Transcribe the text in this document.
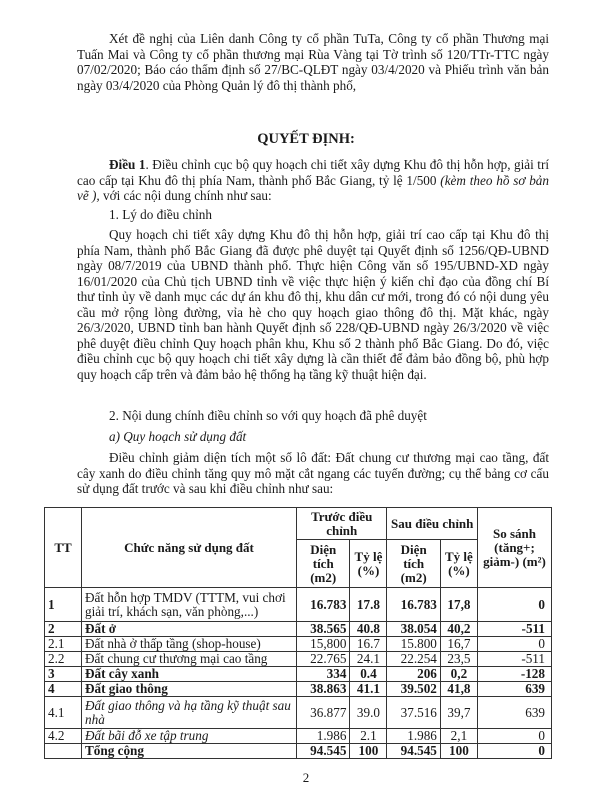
Xét đề nghị của Liên danh Công ty cổ phần TuTa, Công ty cổ phần Thương mại Tuấn Mai và Công ty cổ phần thương mại Rùa Vàng tại Tờ trình số 120/TTr-TTC ngày 07/02/2020; Báo cáo thẩm định số 27/BC-QLĐT ngày 03/4/2020 và Phiếu trình văn bản ngày 03/4/2020 của Phòng Quản lý đô thị thành phố,

QUYẾT ĐỊNH:

Điều 1. Điều chỉnh cục bộ quy hoạch chi tiết xây dựng Khu đô thị hỗn hợp, giải trí cao cấp tại Khu đô thị phía Nam, thành phố Bắc Giang, tỷ lệ 1/500 (kèm theo hồ sơ bản vẽ ), với các nội dung chính như sau:

1. Lý do điều chỉnh

Quy hoạch chi tiết xây dựng Khu đô thị hỗn hợp, giải trí cao cấp tại Khu đô thị phía Nam, thành phố Bắc Giang đã được phê duyệt tại Quyết định số 1256/QĐ-UBND ngày 08/7/2019 của UBND thành phố. Thực hiện Công văn số 195/UBND-XD ngày 16/01/2020 của Chủ tịch UBND tỉnh về việc thực hiện ý kiến chỉ đạo của đồng chí Bí thư tỉnh ủy về danh mục các dự án khu đô thị, khu dân cư mới, trong đó có nội dung yêu cầu mở rộng lòng đường, vỉa hè cho quy hoạch giao thông đô thị. Mặt khác, ngày 26/3/2020, UBND tỉnh ban hành Quyết định số 228/QĐ-UBND ngày 26/3/2020 về việc phê duyệt điều chỉnh Quy hoạch phân khu, Khu số 2 thành phố Bắc Giang. Do đó, việc điều chỉnh cục bộ quy hoạch chi tiết xây dựng là cần thiết để đảm bảo đồng bộ, phù hợp quy hoạch cấp trên và đảm bảo hệ thống hạ tầng kỹ thuật hiện đại.

2. Nội dung chính điều chỉnh so với quy hoạch đã phê duyệt

a) Quy hoạch sử dụng đất

Điều chỉnh giảm diện tích một số lô đất: Đất chung cư thương mại cao tầng, đất cây xanh do điều chỉnh tăng quy mô mặt cắt ngang các tuyến đường; cụ thể bảng cơ cấu sử dụng đất trước và sau khi điều chỉnh như sau:

TT	Chức năng sử dụng đất	Trước điều chỉnh		Sau điều chỉnh		So sánh (tăng+; giảm-) (m²)
		Diện tích (m2)	Tỷ lệ (%)	Diện tích (m2)	Tỷ lệ (%)	
1	Đất hỗn hợp TMDV (TTTM, vui chơi giải trí, khách sạn, văn phòng,...)	16.783	17.8	16.783	17,8	0
2	Đất ở	38.565	40.8	38.054	40,2	-511
2.1	Đất nhà ở thấp tầng (shop-house)	15,800	16.7	15.800	16,7	0
2.2	Đất chung cư thương mại cao tầng	22.765	24.1	22.254	23,5	-511
3	Đất cây xanh	334	0.4	206	0,2	-128
4	Đất giao thông	38.863	41.1	39.502	41,8	639
4.1	Đất giao thông và hạ tầng kỹ thuật sau nhà	36.877	39.0	37.516	39,7	639
4.2	Đất bãi đỗ xe tập trung	1.986	2.1	1.986	2,1	0
	Tổng cộng	94.545	100	94.545	100	0
2
